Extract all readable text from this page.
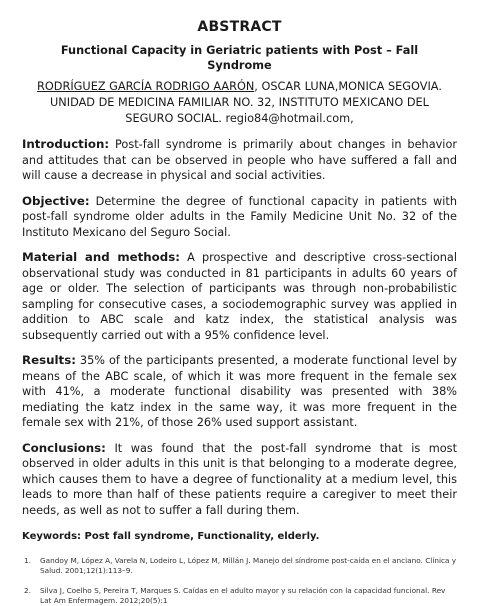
ABSTRACT
Functional Capacity in Geriatric patients with Post – Fall Syndrome
RODRÍGUEZ GARCÍA RODRIGO AARÓN, OSCAR LUNA,MONICA SEGOVIA. UNIDAD DE MEDICINA FAMILIAR NO. 32, INSTITUTO MEXICANO DEL SEGURO SOCIAL. regio84@hotmail.com,

Introduction: Post-fall syndrome is primarily about changes in behavior and attitudes that can be observed in people who have suffered a fall and will cause a decrease in physical and social activities.

Objective: Determine the degree of functional capacity in patients with post-fall syndrome older adults in the Family Medicine Unit No. 32 of the Instituto Mexicano del Seguro Social.

Material and methods: A prospective and descriptive cross-sectional observational study was conducted in 81 participants in adults 60 years of age or older. The selection of participants was through non-probabilistic sampling for consecutive cases, a sociodemographic survey was applied in addition to ABC scale and katz index, the statistical analysis was subsequently carried out with a 95% confidence level.

Results: 35% of the participants presented, a moderate functional level by means of the ABC scale, of which it was more frequent in the female sex with 41%, a moderate functional disability was presented with 38% mediating the katz index in the same way, it was more frequent in the female sex with 21%, of those 26% used support assistant.

Conclusions: It was found that the post-fall syndrome that is most observed in older adults in this unit is that belonging to a moderate degree, which causes them to have a degree of functionality at a medium level, this leads to more than half of these patients require a caregiver to meet their needs, as well as not to suffer a fall during them.

Keywords: Post fall syndrome, Functionality, elderly.

1. Gandoy M, López A, Varela N, Lodeiro L, López M, Millán J. Manejo del síndrome post-caída en el anciano. Clínica y Salud. 2001;12(1):113–9.
2. Silva J, Coelho S, Pereira T, Marques S. Caídas en el adulto mayor y su relación con la capacidad funcional. Rev Lat Am Enfermagem. 2012;20(5):1
